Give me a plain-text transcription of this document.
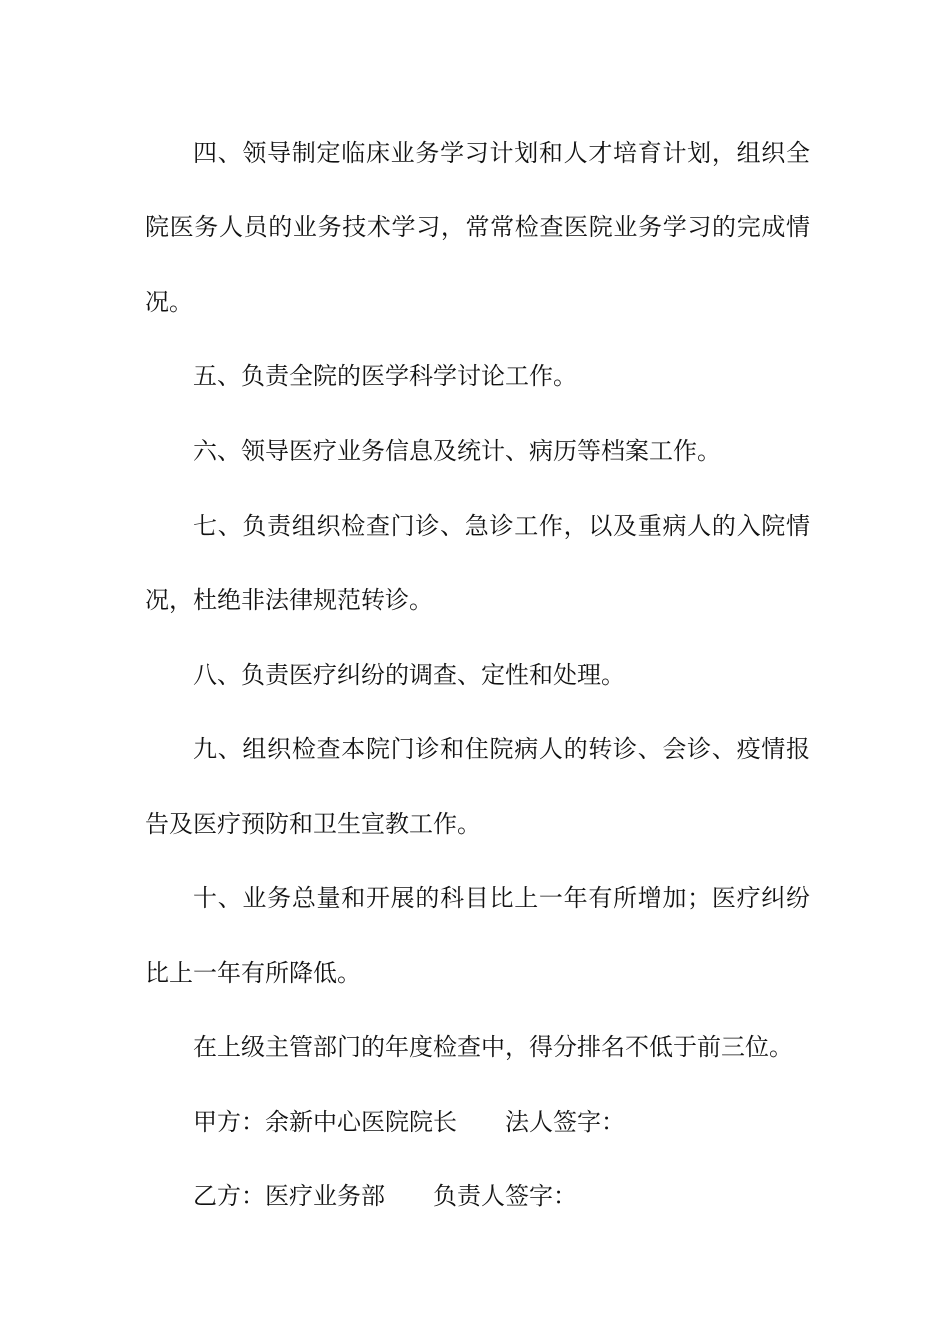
四、领导制定临床业务学习计划和人才培育计划，组织全
院医务人员的业务技术学习，常常检查医院业务学习的完成情
况。
五、负责全院的医学科学讨论工作。
六、领导医疗业务信息及统计、病历等档案工作。
七、负责组织检查门诊、急诊工作，以及重病人的入院情
况，杜绝非法律规范转诊。
八、负责医疗纠纷的调查、定性和处理。
九、组织检查本院门诊和住院病人的转诊、会诊、疫情报
告及医疗预防和卫生宣教工作。
十、业务总量和开展的科目比上一年有所增加；医疗纠纷
比上一年有所降低。
在上级主管部门的年度检查中，得分排名不低于前三位。
甲方：余新中心医院院长 法人签字：
乙方：医疗业务部 负责人签字：
